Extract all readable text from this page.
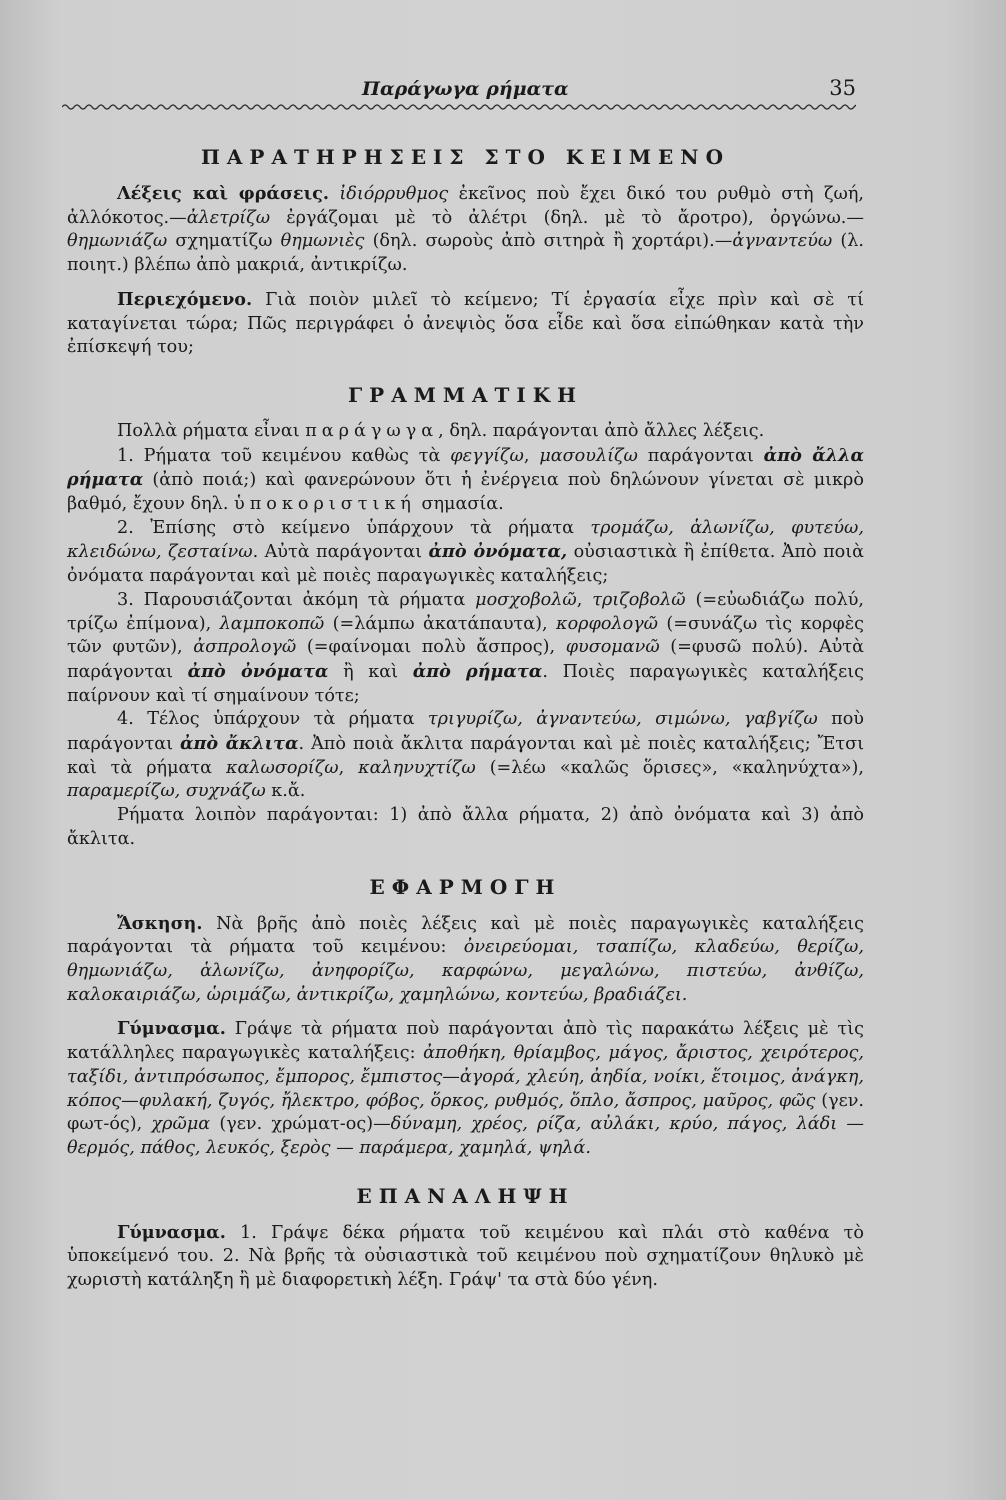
Παράγωγα ρήματα	35
ΠΑΡΑΤΗΡΗΣΕΙΣ ΣΤΟ ΚΕΙΜΕΝΟ

Λέξεις καὶ φράσεις. ἰδιόρρυθμος ἐκεῖνος ποὺ ἔχει δικό του ρυθμὸ στὴ ζωή, ἀλλόκοτος.—ἀλετρίζω ἐργάζομαι μὲ τὸ ἀλέτρι (δηλ. μὲ τὸ ἄροτρο), ὀργώνω.—θημωνιάζω σχηματίζω θημωνιὲς (δηλ. σωροὺς ἀπὸ σιτηρὰ ἢ χορτάρι).—ἀγναντεύω (λ. ποιητ.) βλέπω ἀπὸ μακριά, ἀντικρίζω.

Περιεχόμενο. Γιὰ ποιὸν μιλεῖ τὸ κείμενο; Τί ἐργασία εἶχε πρὶν καὶ σὲ τί καταγίνεται τώρα; Πῶς περιγράφει ὁ ἀνεψιὸς ὅσα εἶδε καὶ ὅσα εἰπώθηκαν κατὰ τὴν ἐπίσκεψή του;

ΓΡΑΜΜΑΤΙΚΗ

Πολλὰ ρήματα εἶναι παράγωγα, δηλ. παράγονται ἀπὸ ἄλλες λέξεις.

1. Ρήματα τοῦ κειμένου καθὼς τὰ φεγγίζω, μασουλίζω παράγονται ἀπὸ ἄλλα ρήματα (ἀπὸ ποιά;) καὶ φανερώνουν ὅτι ἡ ἐνέργεια ποὺ δηλώνουν γίνεται σὲ μικρὸ βαθμό, ἔχουν δηλ. ὑποκοριστική σημασία.

2. Ἐπίσης στὸ κείμενο ὑπάρχουν τὰ ρήματα τρομάζω, ἁλωνίζω, φυτεύω, κλειδώνω, ζεσταίνω. Αὐτὰ παράγονται ἀπὸ ὀνόματα, οὐσιαστικὰ ἢ ἐπίθετα. Ἀπὸ ποιὰ ὀνόματα παράγονται καὶ μὲ ποιὲς παραγωγικὲς καταλήξεις;

3. Παρουσιάζονται ἀκόμη τὰ ρήματα μοσχοβολῶ, τριζοβολῶ (=εὐωδιάζω πολύ, τρίζω ἐπίμονα), λαμποκοπῶ (=λάμπω ἀκατάπαυτα), κορφολογῶ (=συνάζω τὶς κορφὲς τῶν φυτῶν), ἀσπρολογῶ (=φαίνομαι πολὺ ἄσπρος), φυσομανῶ (=φυσῶ πολύ). Αὐτὰ παράγονται ἀπὸ ὀνόματα ἢ καὶ ἀπὸ ρήματα. Ποιὲς παραγωγικὲς καταλήξεις παίρνουν καὶ τί σημαίνουν τότε;

4. Τέλος ὑπάρχουν τὰ ρήματα τριγυρίζω, ἀγναντεύω, σιμώνω, γαβγίζω ποὺ παράγονται ἀπὸ ἄκλιτα. Ἀπὸ ποιὰ ἄκλιτα παράγονται καὶ μὲ ποιὲς καταλήξεις; Ἔτσι καὶ τὰ ρήματα καλωσορίζω, καληνυχτίζω (=λέω «καλῶς ὅρισες», «καληνύχτα»), παραμερίζω, συχνάζω κ.ἄ.

Ρήματα λοιπὸν παράγονται: 1) ἀπὸ ἄλλα ρήματα, 2) ἀπὸ ὀνόματα καὶ 3) ἀπὸ ἄκλιτα.

ΕΦΑΡΜΟΓΗ

Ἄσκηση. Νὰ βρῆς ἀπὸ ποιὲς λέξεις καὶ μὲ ποιὲς παραγωγικὲς καταλήξεις παράγονται τὰ ρήματα τοῦ κειμένου: ὀνειρεύομαι, τσαπίζω, κλαδεύω, θερίζω, θημωνιάζω, ἁλωνίζω, ἀνηφορίζω, καρφώνω, μεγαλώνω, πιστεύω, ἀνθίζω, καλοκαιριάζω, ὡριμάζω, ἀντικρίζω, χαμηλώνω, κοντεύω, βραδιάζει.

Γύμνασμα. Γράψε τὰ ρήματα ποὺ παράγονται ἀπὸ τὶς παρακάτω λέξεις μὲ τὶς κατάλληλες παραγωγικὲς καταλήξεις: ἀποθήκη, θρίαμβος, μάγος, ἄριστος, χειρότερος, ταξίδι, ἀντιπρόσωπος, ἔμπορος, ἔμπιστος—ἀγορά, χλεύη, ἀηδία, νοίκι, ἕτοιμος, ἀνάγκη, κόπος—φυλακή, ζυγός, ἤλεκτρο, φόβος, ὅρκος, ρυθμός, ὅπλο, ἄσπρος, μαῦρος, φῶς (γεν. φωτ-ός), χρῶμα (γεν. χρώματ-ος)—δύναμη, χρέος, ρίζα, αὐλάκι, κρύο, πάγος, λάδι — θερμός, πάθος, λευκός, ξερὸς — παράμερα, χαμηλά, ψηλά.

ΕΠΑΝΑΛΗΨΗ

Γύμνασμα. 1. Γράψε δέκα ρήματα τοῦ κειμένου καὶ πλάι στὸ καθένα τὸ ὑποκείμενό του. 2. Νὰ βρῆς τὰ οὐσιαστικὰ τοῦ κειμένου ποὺ σχηματίζουν θηλυκὸ μὲ χωριστὴ κατάληξη ἢ μὲ διαφορετικὴ λέξη. Γράψ' τα στὰ δύο γένη.
